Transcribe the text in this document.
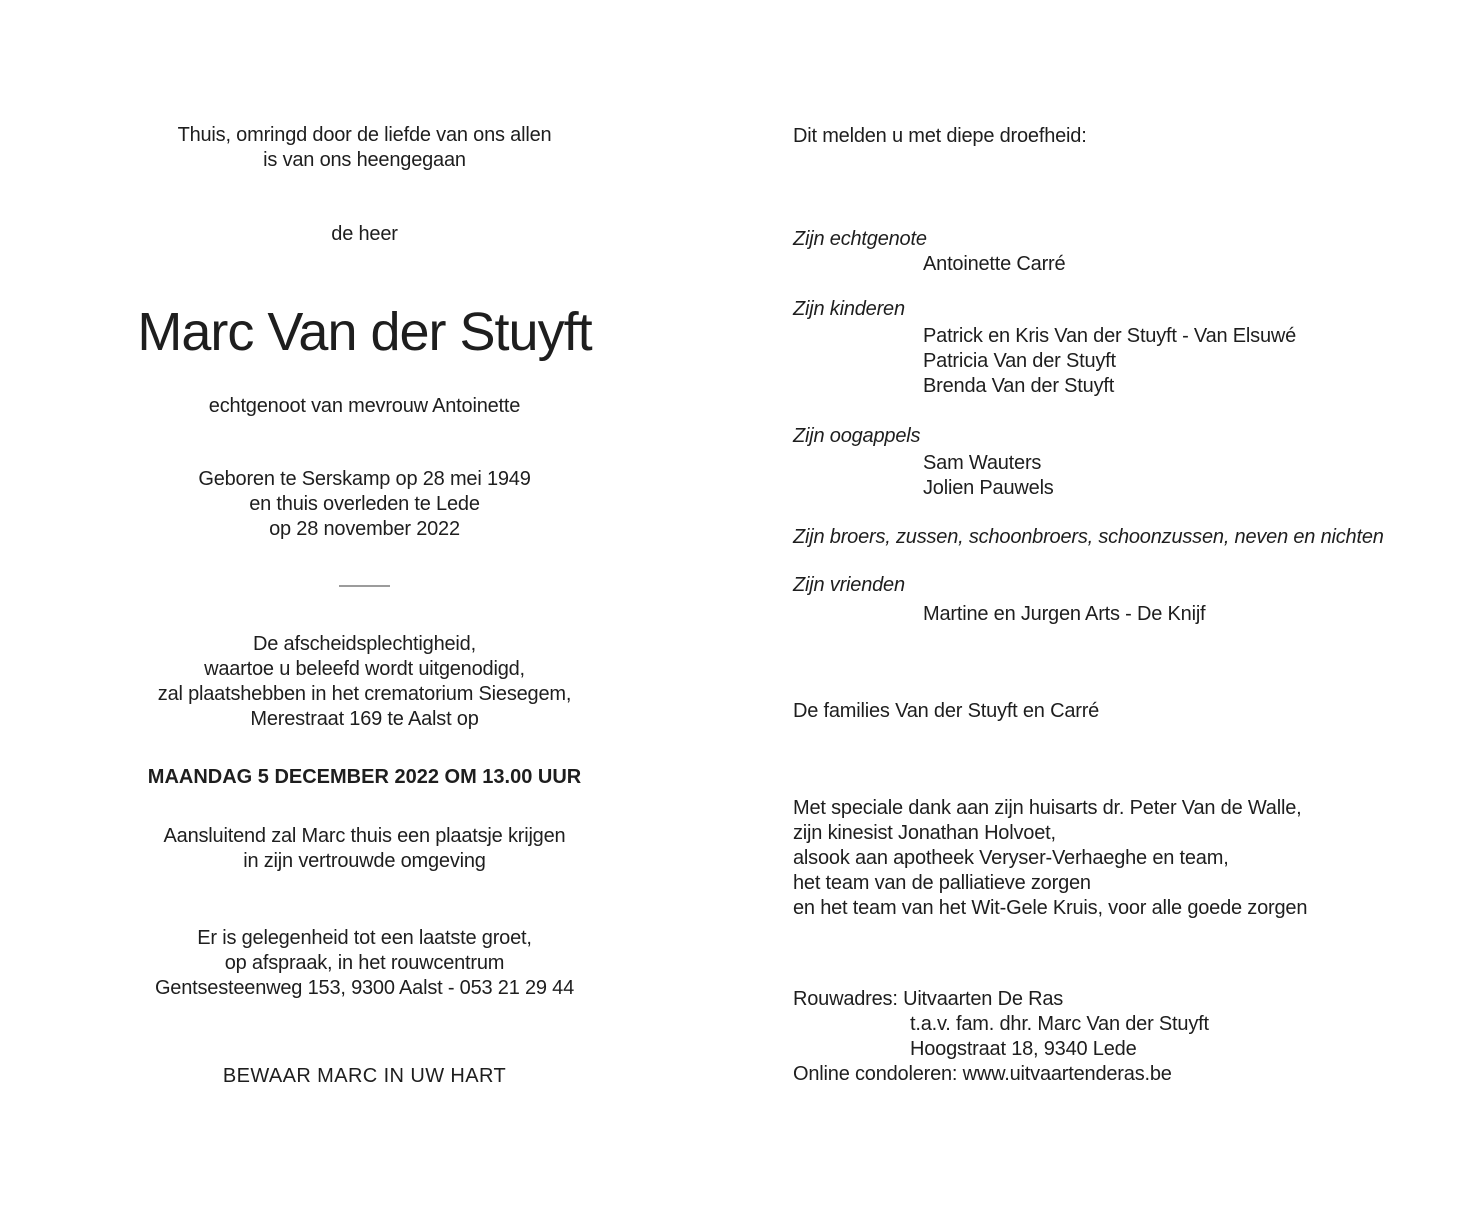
Thuis, omringd door de liefde van ons allen
is van ons heengegaan
de heer
Marc Van der Stuyft
echtgenoot van mevrouw Antoinette
Geboren te Serskamp op 28 mei 1949
en thuis overleden te Lede
op 28 november 2022
De afscheidsplechtigheid,
waartoe u beleefd wordt uitgenodigd,
zal plaatshebben in het crematorium Siesegem,
Merestraat 169 te Aalst op
MAANDAG 5 DECEMBER 2022 OM 13.00 UUR
Aansluitend zal Marc thuis een plaatsje krijgen
in zijn vertrouwde omgeving
Er is gelegenheid tot een laatste groet,
op afspraak, in het rouwcentrum
Gentsesteenweg 153, 9300 Aalst - 053 21 29 44
BEWAAR MARC IN UW HART
Dit melden u met diepe droefheid:
Zijn echtgenote
Antoinette Carré
Zijn kinderen
Patrick en Kris Van der Stuyft - Van Elsuwé
Patricia Van der Stuyft
Brenda Van der Stuyft
Zijn oogappels
Sam Wauters
Jolien Pauwels
Zijn broers, zussen, schoonbroers, schoonzussen, neven en nichten
Zijn vrienden
Martine en Jurgen Arts - De Knijf
De families Van der Stuyft en Carré
Met speciale dank aan zijn huisarts dr. Peter Van de Walle,
zijn kinesist Jonathan Holvoet,
alsook aan apotheek Veryser-Verhaeghe en team,
het team van de palliatieve zorgen
en het team van het Wit-Gele Kruis, voor alle goede zorgen
Rouwadres: Uitvaarten De Ras
t.a.v. fam. dhr. Marc Van der Stuyft
Hoogstraat 18, 9340 Lede
Online condoleren: www.uitvaartenderas.be
